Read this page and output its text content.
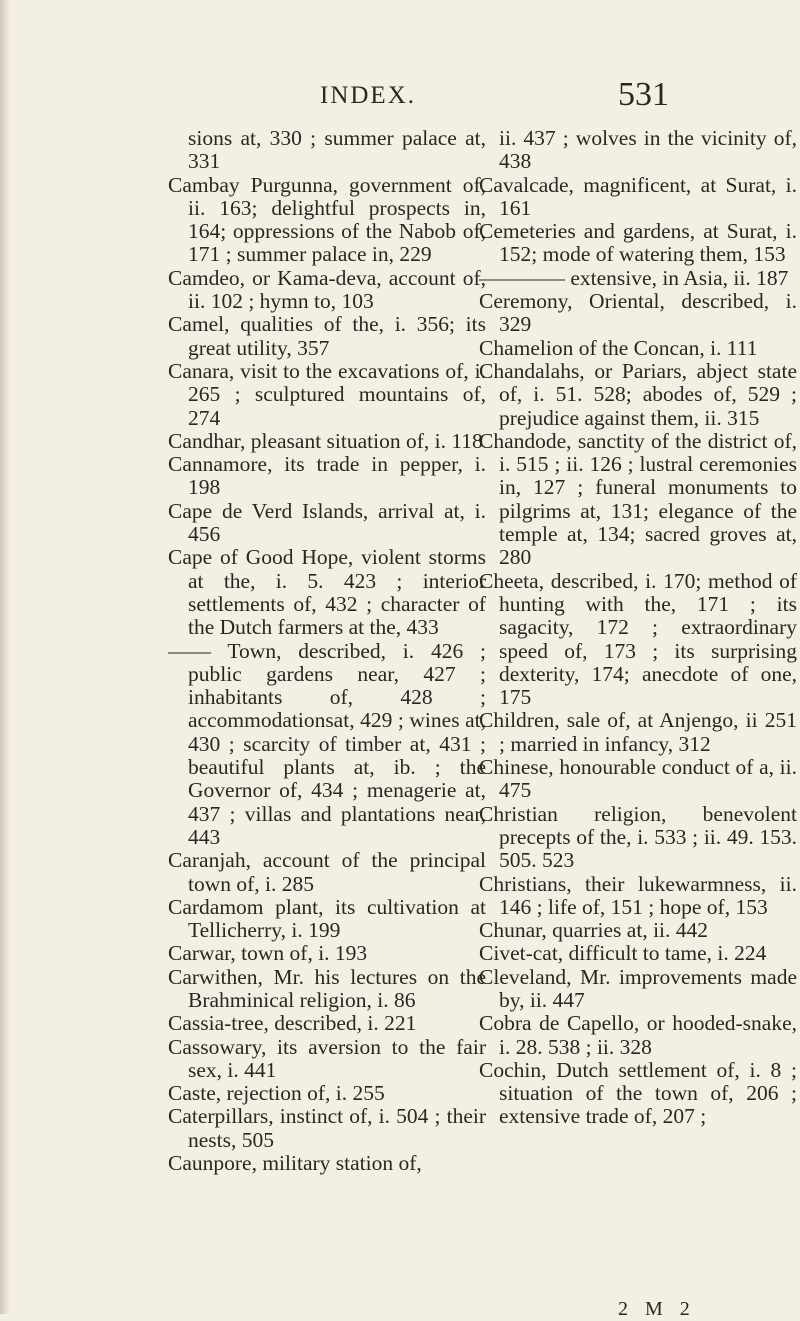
INDEX.	531

sions at, 330 ; summer palace at, 331

Cambay Purgunna, government of, ii. 163; delightful prospects in, 164; oppressions of the Nabob of, 171 ; summer palace in, 229

Camdeo, or Kama-deva, account of, ii. 102 ; hymn to, 103

Camel, qualities of the, i. 356; its great utility, 357

Canara, visit to the excavations of, i. 265 ; sculptured mountains of, 274

Candhar, pleasant situation of, i. 118

Cannamore, its trade in pepper, i. 198

Cape de Verd Islands, arrival at, i. 456

Cape of Good Hope, violent storms at the, i. 5. 423 ; interior settlements of, 432 ; character of the Dutch farmers at the, 433

—— Town, described, i. 426 ; public gardens near, 427 ; inhabitants of, 428 ; accommodationsat, 429 ; wines at, 430 ; scarcity of timber at, 431 ; beautiful plants at, ib. ; the Governor of, 434 ; menagerie at, 437 ; villas and plantations near, 443

Caranjah, account of the principal town of, i. 285

Cardamom plant, its cultivation at Tellicherry, i. 199

Carwar, town of, i. 193

Carwithen, Mr. his lectures on the Brahminical religion, i. 86

Cassia-tree, described, i. 221

Cassowary, its aversion to the fair sex, i. 441

Caste, rejection of, i. 255

Caterpillars, instinct of, i. 504 ; their nests, 505

Caunpore, military station of,

ii. 437 ; wolves in the vicinity of, 438

Cavalcade, magnificent, at Surat, i. 161

Cemeteries and gardens, at Surat, i. 152; mode of watering them, 153

———— extensive, in Asia, ii. 187

Ceremony, Oriental, described, i. 329

Chamelion of the Concan, i. 111

Chandalahs, or Pariars, abject state of, i. 51. 528; abodes of, 529 ; prejudice against them, ii. 315

Chandode, sanctity of the district of, i. 515 ; ii. 126 ; lustral ceremonies in, 127 ; funeral monuments to pilgrims at, 131; elegance of the temple at, 134; sacred groves at, 280

Cheeta, described, i. 170; method of hunting with the, 171 ; its sagacity, 172 ; extraordinary speed of, 173 ; its surprising dexterity, 174; anecdote of one, 175

Children, sale of, at Anjengo, ii 251 ; married in infancy, 312

Chinese, honourable conduct of a, ii. 475

Christian religion, benevolent precepts of the, i. 533 ; ii. 49. 153. 505. 523

Christians, their lukewarmness, ii. 146 ; life of, 151 ; hope of, 153

Chunar, quarries at, ii. 442

Civet-cat, difficult to tame, i. 224

Cleveland, Mr. improvements made by, ii. 447

Cobra de Capello, or hooded-snake, i. 28. 538 ; ii. 328

Cochin, Dutch settlement of, i. 8 ; situation of the town of, 206 ; extensive trade of, 207 ;

2 M 2
